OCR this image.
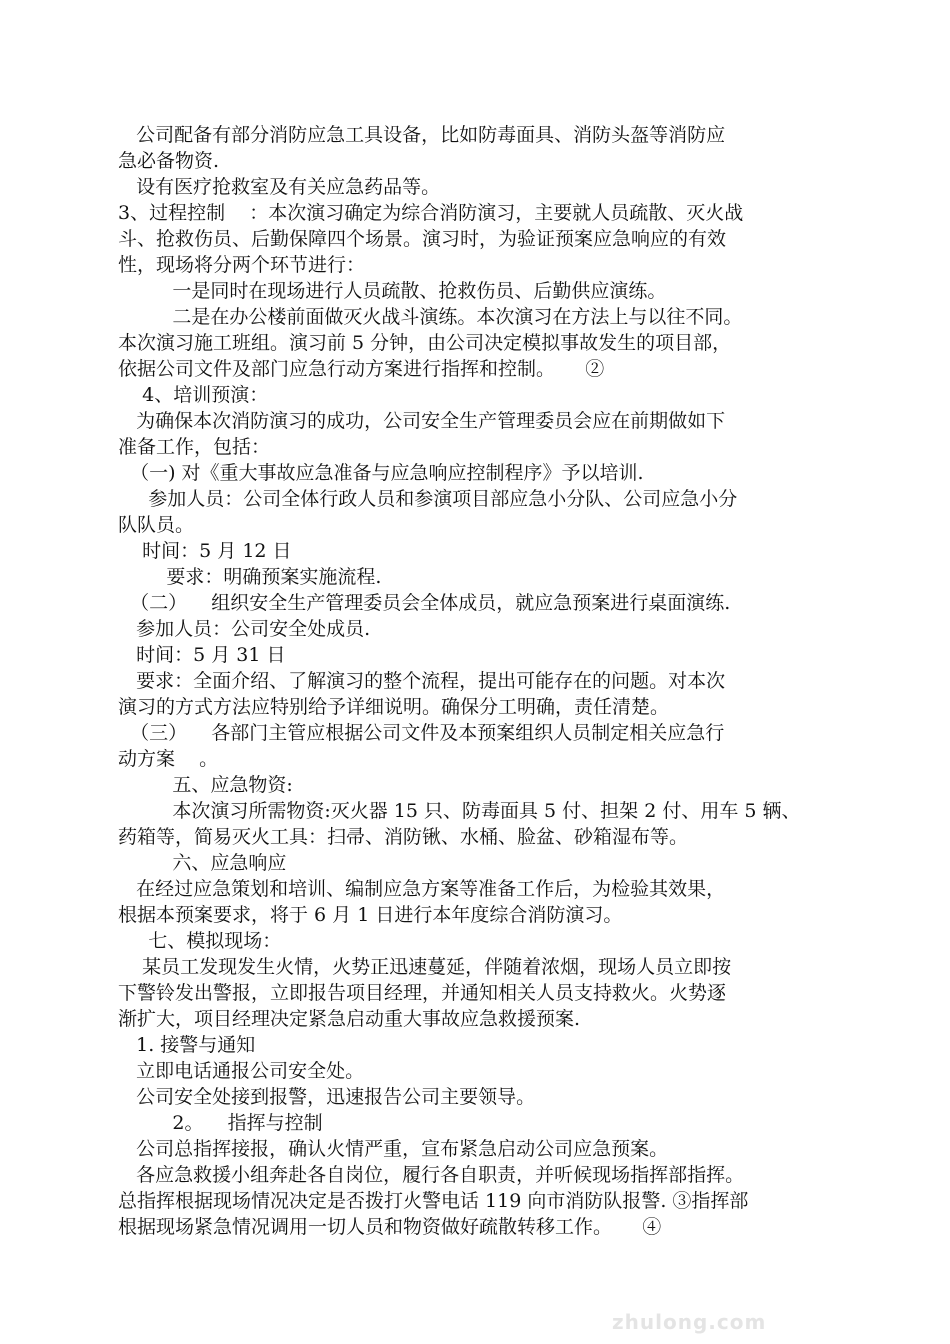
公司配备有部分消防应急工具设备，比如防毒面具、消防头盔等消防应
急必备物资.
设有医疗抢救室及有关应急药品等。
3、过程控制    ：本次演习确定为综合消防演习，主要就人员疏散、灭火战
斗、抢救伤员、后勤保障四个场景。演习时，为验证预案应急响应的有效
性，现场将分两个环节进行：
一是同时在现场进行人员疏散、抢救伤员、后勤供应演练。
二是在办公楼前面做灭火战斗演练。本次演习在方法上与以往不同。
本次演习施工班组。演习前 5 分钟，由公司决定模拟事故发生的项目部，
依据公司文件及部门应急行动方案进行指挥和控制。     ②
4、培训预演：
为确保本次消防演习的成功，公司安全生产管理委员会应在前期做如下
准备工作，包括：
（一) 对《重大事故应急准备与应急响应控制程序》予以培训.
参加人员：公司全体行政人员和参演项目部应急小分队、公司应急小分
队队员。
时间：5 月 12 日
要求：明确预案实施流程.
（二）    组织安全生产管理委员会全体成员，就应急预案进行桌面演练.
参加人员：公司安全处成员.
时间：5 月 31 日
要求：全面介绍、了解演习的整个流程，提出可能存在的问题。对本次
演习的方式方法应特别给予详细说明。确保分工明确，责任清楚。
（三）    各部门主管应根据公司文件及本预案组织人员制定相关应急行
动方案    。
五、应急物资:
本次演习所需物资:灭火器 15 只、防毒面具 5 付、担架 2 付、用车 5 辆、
药箱等，简易灭火工具：扫帚、消防锹、水桶、脸盆、砂箱湿布等。
六、应急响应
在经过应急策划和培训、编制应急方案等准备工作后，为检验其效果，
根据本预案要求，将于 6 月 1 日进行本年度综合消防演习。
七、模拟现场：
某员工发现发生火情，火势正迅速蔓延，伴随着浓烟，现场人员立即按
下警铃发出警报，立即报告项目经理，并通知相关人员支持救火。火势逐
渐扩大，项目经理决定紧急启动重大事故应急救援预案.
1. 接警与通知
立即电话通报公司安全处。
公司安全处接到报警，迅速报告公司主要领导。
2。    指挥与控制
公司总指挥接报，确认火情严重，宣布紧急启动公司应急预案。
各应急救援小组奔赴各自岗位，履行各自职责，并听候现场指挥部指挥。
总指挥根据现场情况决定是否拨打火警电话 119 向市消防队报警. ③指挥部
根据现场紧急情况调用一切人员和物资做好疏散转移工作。     ④
zhulong.com
